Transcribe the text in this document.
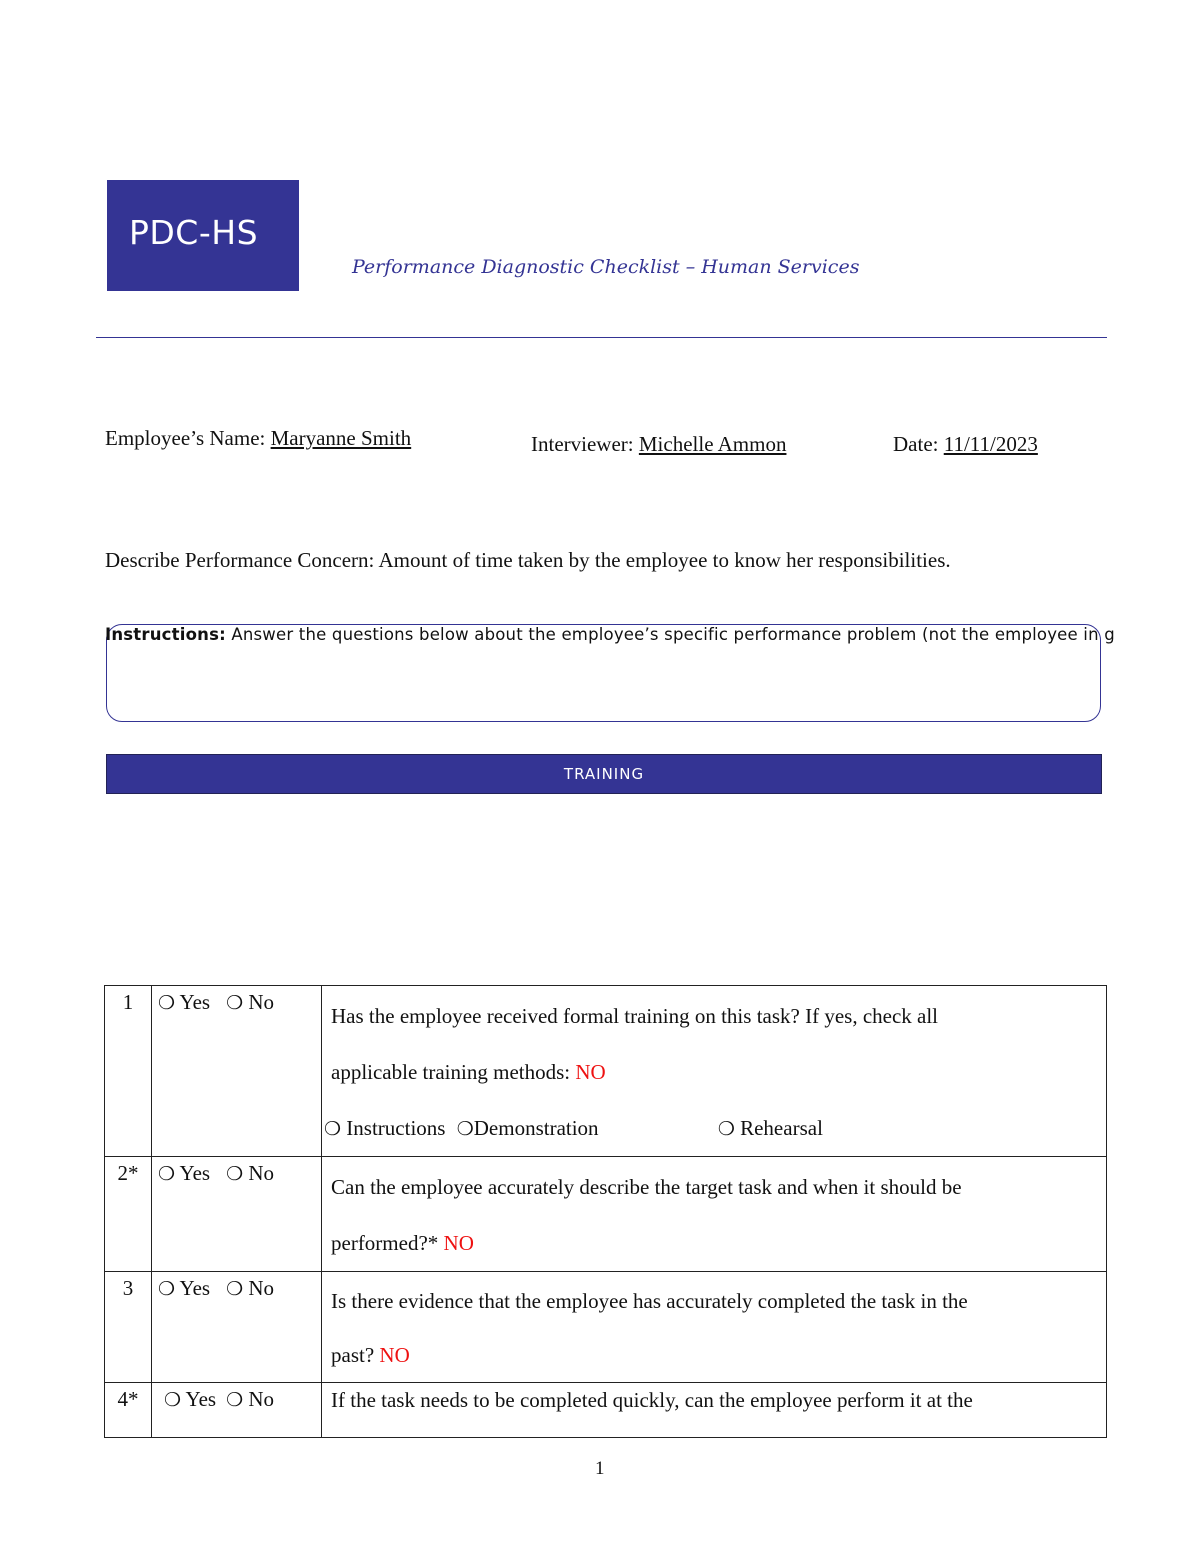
PDC-HS
Performance Diagnostic Checklist – Human Services
Employee’s Name: Maryanne Smith	Interviewer: Michelle Ammon	Date: 11/11/2023
Describe Performance Concern: Amount of time taken by the employee to know her responsibilities.
Instructions: Answer the questions below about the employee’s specific performance problem (not the employee in g
TRAINING
1	❍ Yes ❍ No	Has the employee received formal training on this task? If yes, check all
applicable training methods: NO
❍ Instructions ❍Demonstration ❍ Rehearsal

2*	❍ Yes ❍ No	Can the employee accurately describe the target task and when it should be
performed?* NO

3	❍ Yes ❍ No	Is there evidence that the employee has accurately completed the task in the
past? NO

4*	❍ Yes ❍ No	If the task needs to be completed quickly, can the employee perform it at the
1
